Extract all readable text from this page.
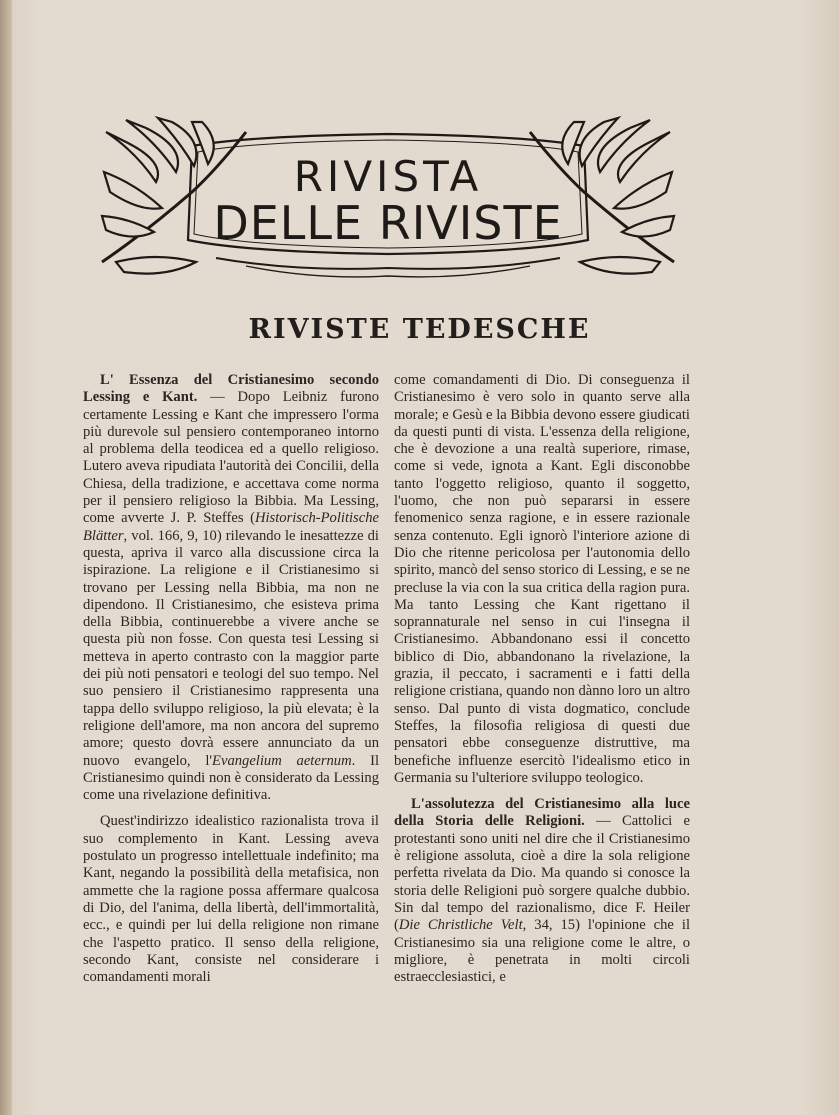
RIVISTA
DELLE RIVISTE
RIVISTE TEDESCHE

L' Essenza del Cristianesimo secondo Lessing e Kant. — Dopo Leibniz furono certamente Lessing e Kant che impressero l'orma più durevole sul pensiero contemporaneo intorno al problema della teodicea ed a quello religioso. Lutero aveva ripudiata l'autorità dei Concilii, della Chiesa, della tradizione, e accettava come norma per il pensiero religioso la Bibbia. Ma Lessing, come avverte J. P. Steffes (Historisch-Politische Blätter, vol. 166, 9, 10) rilevando le inesattezze di questa, apriva il varco alla discussione circa la ispirazione. La religione e il Cristianesimo si trovano per Lessing nella Bibbia, ma non ne dipendono. Il Cristianesimo, che esisteva prima della Bibbia, continuerebbe a vivere anche se questa più non fosse. Con questa tesi Lessing si metteva in aperto contrasto con la maggior parte dei più noti pensatori e teologi del suo tempo. Nel suo pensiero il Cristianesimo rappresenta una tappa dello sviluppo religioso, la più elevata; è la religione dell'amore, ma non ancora del supremo amore; questo dovrà essere annunciato da un nuovo evangelo, l'Evangelium aeternum. Il Cristianesimo quindi non è considerato da Lessing come una rivelazione definitiva.

Quest'indirizzo idealistico razionalista trova il suo complemento in Kant. Lessing aveva postulato un progresso intellettuale indefinito; ma Kant, negando la possibilità della metafisica, non ammette che la ragione possa affermare qualcosa di Dio, del l'anima, della libertà, dell'immortalità, ecc., e quindi per lui della religione non rimane che l'aspetto pratico. Il senso della religione, secondo Kant, consiste nel considerare i comandamenti morali

come comandamenti di Dio. Di conseguenza il Cristianesimo è vero solo in quanto serve alla morale; e Gesù e la Bibbia devono essere giudicati da questi punti di vista. L'essenza della religione, che è devozione a una realtà superiore, rimase, come si vede, ignota a Kant. Egli disconobbe tanto l'oggetto religioso, quanto il soggetto, l'uomo, che non può separarsi in essere fenomenico senza ragione, e in essere razionale senza contenuto. Egli ignorò l'interiore azione di Dio che ritenne pericolosa per l'autonomia dello spirito, mancò del senso storico di Lessing, e se ne precluse la via con la sua critica della ragion pura. Ma tanto Lessing che Kant rigettano il soprannaturale nel senso in cui l'insegna il Cristianesimo. Abbandonano essi il concetto biblico di Dio, abbandonano la rivelazione, la grazia, il peccato, i sacramenti e i fatti della religione cristiana, quando non dànno loro un altro senso. Dal punto di vista dogmatico, conclude Steffes, la filosofia religiosa di questi due pensatori ebbe conseguenze distruttive, ma benefiche influenze esercitò l'idealismo etico in Germania su l'ulteriore sviluppo teologico.

L'assolutezza del Cristianesimo alla luce della Storia delle Religioni. — Cattolici e protestanti sono uniti nel dire che il Cristianesimo è religione assoluta, cioè a dire la sola religione perfetta rivelata da Dio. Ma quando si conosce la storia delle Religioni può sorgere qualche dubbio. Sin dal tempo del razionalismo, dice F. Heiler (Die Christliche Velt, 34, 15) l'opinione che il Cristianesimo sia una religione come le altre, o migliore, è penetrata in molti circoli estraecclesiastici, e
